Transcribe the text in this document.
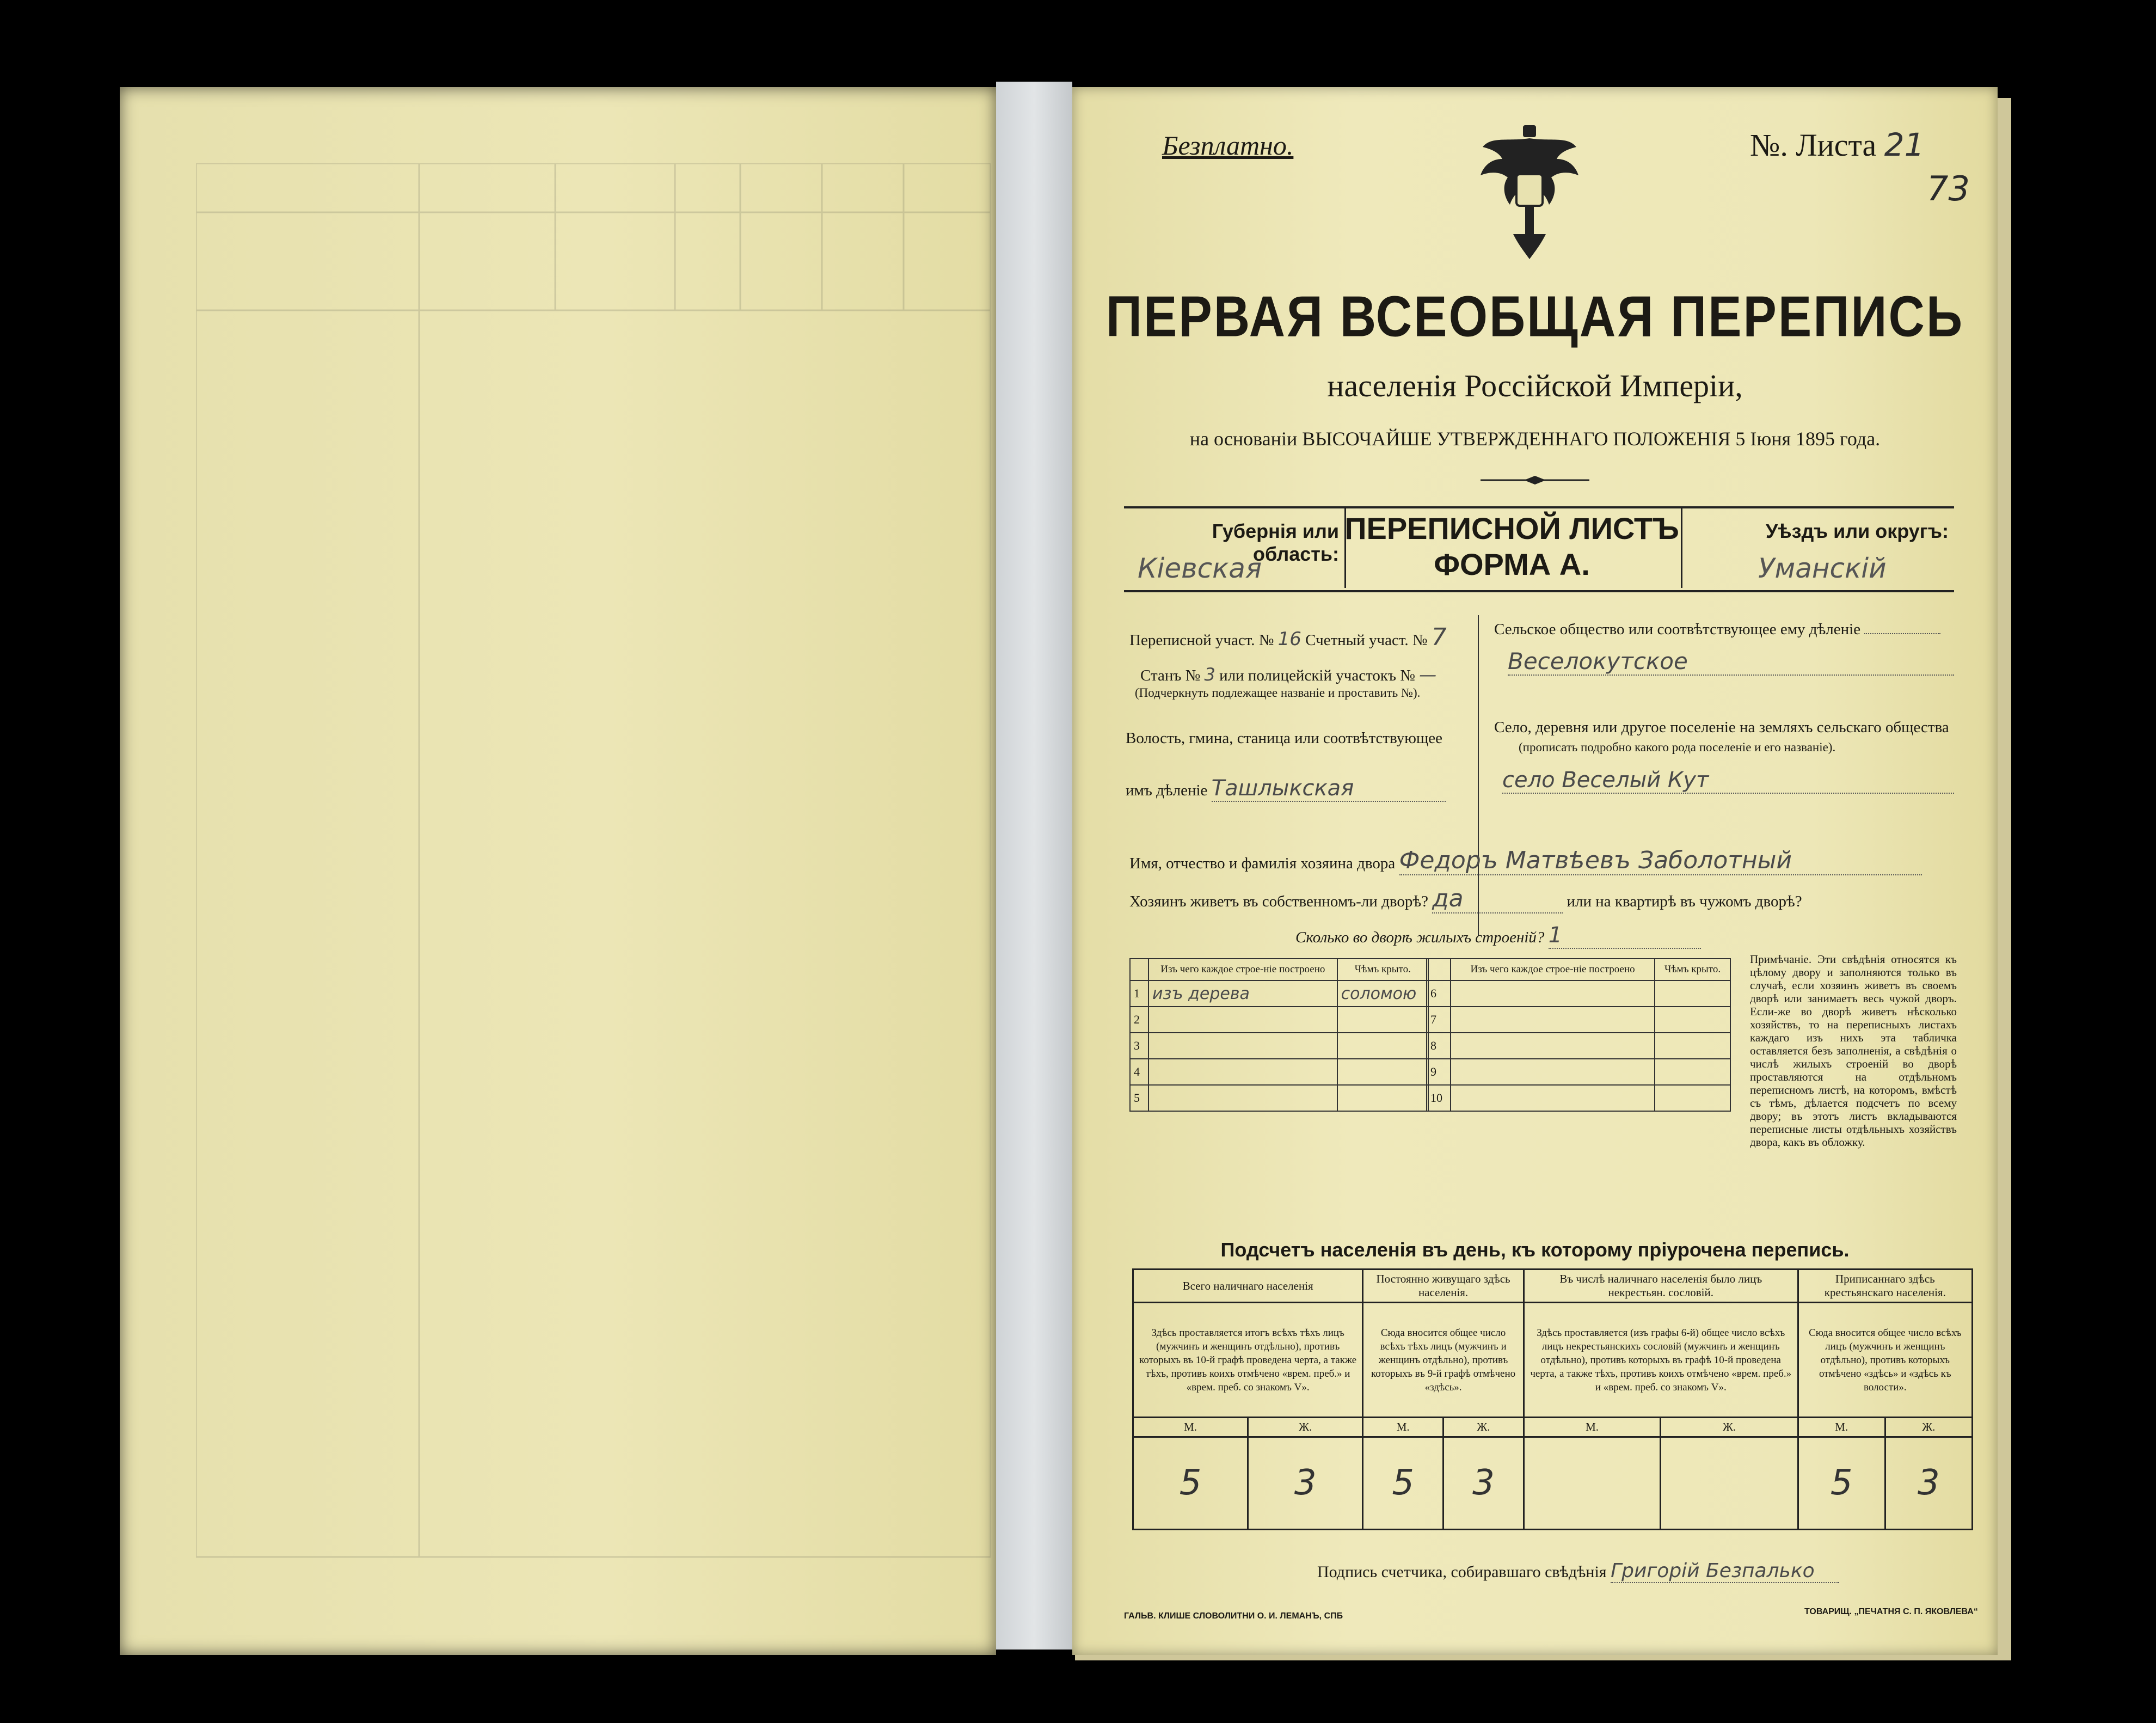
Безплатно.	№. Листа 21
73
ПЕРВАЯ ВСЕОБЩАЯ ПЕРЕПИСЬ
населенія Россійской Имперіи,
на основаніи ВЫСОЧАЙШЕ УТВЕРЖДЕННАГО ПОЛОЖЕНІЯ 5 Іюня 1895 года.
Губернія или область:
Кіевская
ПЕРЕПИСНОЙ ЛИСТЪ
ФОРМА А.
Уѣздъ или округъ:
Уманскій
Переписной участ. № 16 Счетный участ. № 7
Станъ № 3 или полицейскій участокъ № —
(Подчеркнуть подлежащее названіе и проставить №).
Волость, гмина, станица или соотвѣтствующее
имъ дѣленіе Ташлыкская
Сельское общество или соотвѣтствующее ему дѣленіе
Веселокутское
Село, деревня или другое поселеніе на земляхъ сельскаго общества
(прописать подробно какого рода поселеніе и его названіе).
село Веселый Кут
Имя, отчество и фамилія хозяина двора Федоръ Матвѣевъ Заболотный
Хозяинъ живетъ въ собственномъ-ли дворѣ? да	или на квартирѣ въ чужомъ дворѣ?
Сколько во дворѣ жилыхъ строеній? 1
	Изъ чего каждое строе-ніе построено	Чѣмъ крыто.
1	изъ дерева	соломою
2		
3		
4		
5		
	Изъ чего каждое строе-ніе построено	Чѣмъ крыто.
6		
7		
8		
9		
10		
Примѣчаніе. Эти свѣдѣнія относятся къ цѣлому двору и заполняются только въ случаѣ, если хозяинъ живетъ въ своемъ дворѣ или занимаетъ весь чужой дворъ. Если-же во дворѣ живетъ нѣсколько хозяйствъ, то на переписныхъ листахъ каждаго изъ нихъ эта табличка оставляется безъ заполненія, а свѣдѣнія о числѣ жилыхъ строеній во дворѣ проставляются на отдѣльномъ переписномъ листѣ, на которомъ, вмѣстѣ съ тѣмъ, дѣлается подсчетъ по всему двору; въ этотъ листъ вкладываются переписные листы отдѣльныхъ хозяйствъ двора, какъ въ обложку.
Подсчетъ населенія въ день, къ которому пріурочена перепись.
Всего наличнаго населенія		Постоянно живущаго здѣсь населенія.		Въ числѣ наличнаго населенія было лицъ некрестьян. сословій.		Приписаннаго здѣсь крестьянскаго населенія.	
Здѣсь проставляется итогъ всѣхъ тѣхъ лицъ (мужчинъ и женщинъ отдѣльно), противъ которыхъ въ 10-й графѣ проведена черта, а также тѣхъ, противъ коихъ отмѣчено «врем. преб.» и «врем. преб. со знакомъ V».		Сюда вносится общее число всѣхъ тѣхъ лицъ (мужчинъ и женщинъ отдѣльно), противъ которыхъ въ 9-й графѣ отмѣчено «здѣсь».		Здѣсь проставляется (изъ графы 6-й) общее число всѣхъ лицъ некрестьянскихъ сословій (мужчинъ и женщинъ отдѣльно), противъ которыхъ въ графѣ 10-й проведена черта, а также тѣхъ, противъ коихъ отмѣчено «врем. преб.» и «врем. преб. со знакомъ V».		Сюда вносится общее число всѣхъ лицъ (мужчинъ и женщинъ отдѣльно), противъ которыхъ отмѣчено «здѣсь» и «здѣсь къ волости».	
М.	Ж.	М.	Ж.	М.	Ж.	М.	Ж.
5	3	5	3			5	3
Подпись счетчика, собиравшаго свѣдѣнія Григорій Безпалько
ГАЛЬВ. КЛИШЕ СЛОВОЛИТНИ О. И. ЛЕМАНЪ, СПБ	ТОВАРИЩ. „ПЕЧАТНЯ С. П. ЯКОВЛЕВА“
